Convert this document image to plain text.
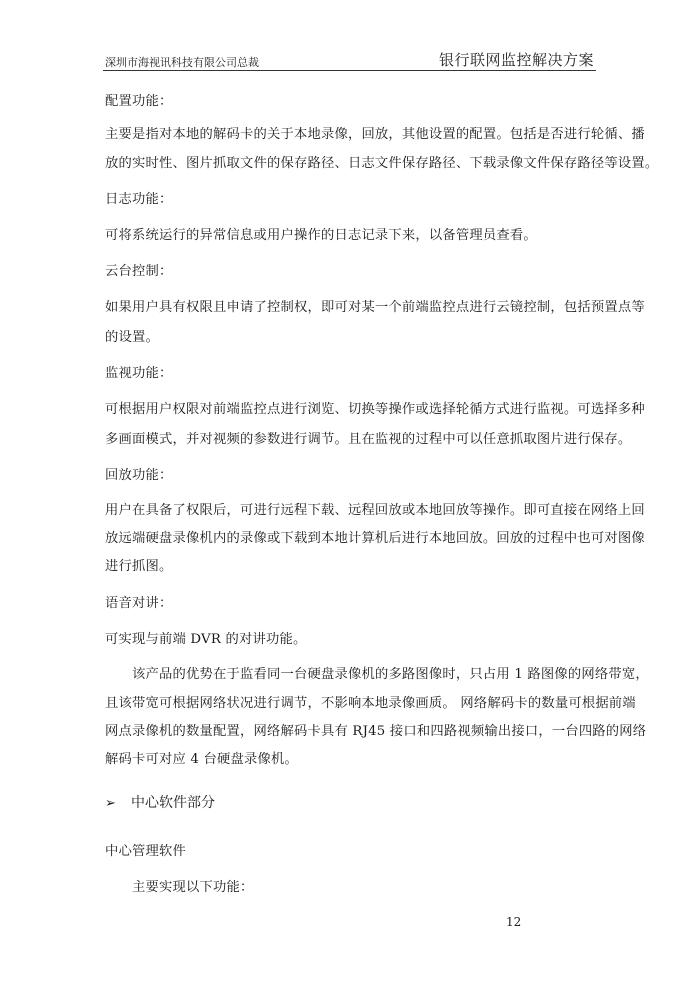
深圳市海视讯科技有限公司总裁	银行联网监控解决方案
配置功能：
主要是指对本地的解码卡的关于本地录像，回放，其他设置的配置。包括是否进行轮循、播
放的实时性、图片抓取文件的保存路径、日志文件保存路径、下载录像文件保存路径等设置。
日志功能：
可将系统运行的异常信息或用户操作的日志记录下来，以备管理员查看。
云台控制：
如果用户具有权限且申请了控制权，即可对某一个前端监控点进行云镜控制，包括预置点等
的设置。
监视功能：
可根据用户权限对前端监控点进行浏览、切换等操作或选择轮循方式进行监视。可选择多种
多画面模式，并对视频的参数进行调节。且在监视的过程中可以任意抓取图片进行保存。
回放功能：
用户在具备了权限后，可进行远程下载、远程回放或本地回放等操作。即可直接在网络上回
放远端硬盘录像机内的录像或下载到本地计算机后进行本地回放。回放的过程中也可对图像
进行抓图。
语音对讲：
可实现与前端 DVR 的对讲功能。
该产品的优势在于监看同一台硬盘录像机的多路图像时，只占用 1 路图像的网络带宽，
且该带宽可根据网络状况进行调节，不影响本地录像画质。 网络解码卡的数量可根据前端
网点录像机的数量配置，网络解码卡具有 RJ45 接口和四路视频输出接口，一台四路的网络
解码卡可对应 4 台硬盘录像机。
➢ 中心软件部分
中心管理软件
主要实现以下功能：
12
